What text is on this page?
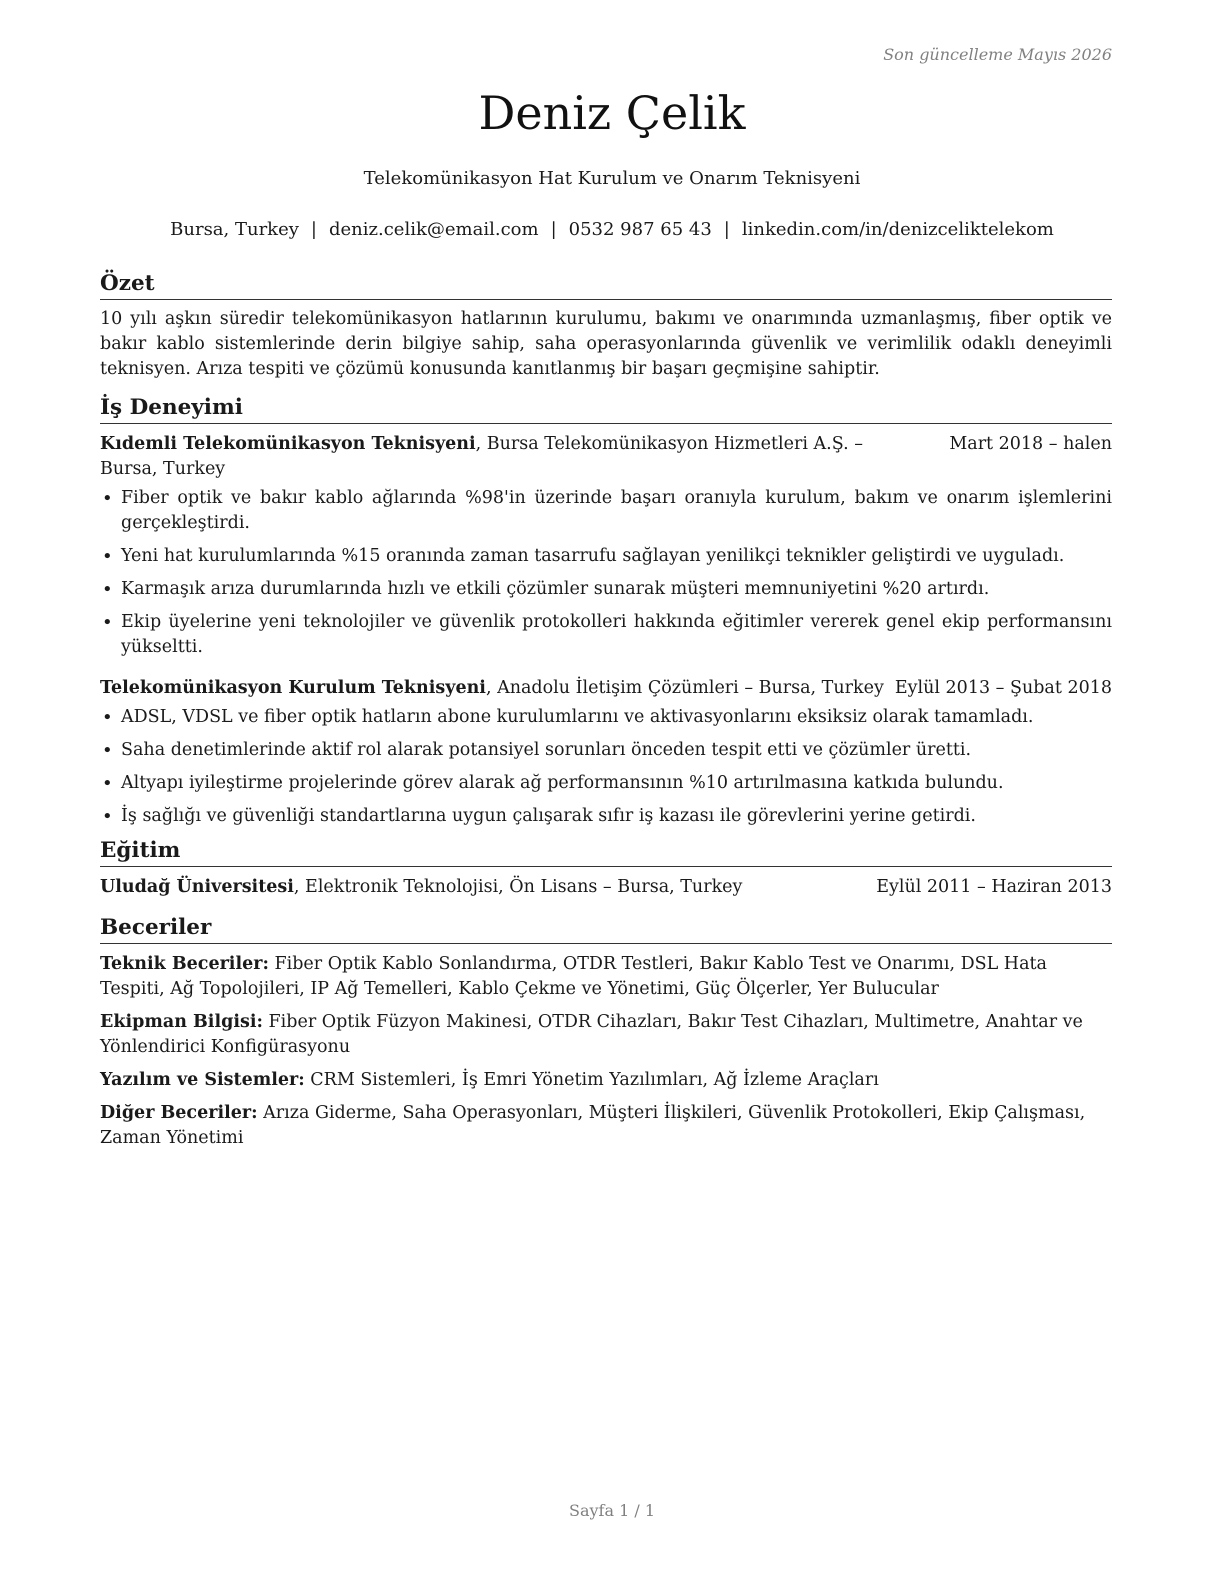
Son güncelleme Mayıs 2026
Deniz Çelik
Telekomünikasyon Hat Kurulum ve Onarım Teknisyeni
Bursa, Turkey | deniz.celik@email.com | 0532 987 65 43 | linkedin.com/in/denizceliktelekom
Özet

10 yılı aşkın süredir telekomünikasyon hatlarının kurulumu, bakımı ve onarımında uzmanlaşmış, fiber optik ve bakır kablo sistemlerinde derin bilgiye sahip, saha operasyonlarında güvenlik ve verimlilik odaklı deneyimli teknisyen. Arıza tespiti ve çözümü konusunda kanıtlanmış bir başarı geçmişine sahiptir.

İş Deneyimi
Kıdemli Telekomünikasyon Teknisyeni, Bursa Telekomünikasyon Hizmetleri A.Ş. – Bursa, Turkey
Mart 2018 – halen
• Fiber optik ve bakır kablo ağlarında %98'in üzerinde başarı oranıyla kurulum, bakım ve onarım işlemlerini gerçekleştirdi.
• Yeni hat kurulumlarında %15 oranında zaman tasarrufu sağlayan yenilikçi teknikler geliştirdi ve uyguladı.
• Karmaşık arıza durumlarında hızlı ve etkili çözümler sunarak müşteri memnuniyetini %20 artırdı.
• Ekip üyelerine yeni teknolojiler ve güvenlik protokolleri hakkında eğitimler vererek genel ekip performansını yükseltti.
Telekomünikasyon Kurulum Teknisyeni, Anadolu İletişim Çözümleri – Bursa, Turkey Eylül 2013 – Şubat 2018
• ADSL, VDSL ve fiber optik hatların abone kurulumlarını ve aktivasyonlarını eksiksiz olarak tamamladı.
• Saha denetimlerinde aktif rol alarak potansiyel sorunları önceden tespit etti ve çözümler üretti.
• Altyapı iyileştirme projelerinde görev alarak ağ performansının %10 artırılmasına katkıda bulundu.
• İş sağlığı ve güvenliği standartlarına uygun çalışarak sıfır iş kazası ile görevlerini yerine getirdi.
Eğitim
Uludağ Üniversitesi, Elektronik Teknolojisi, Ön Lisans – Bursa, Turkey	Eylül 2011 – Haziran 2013
Beceriler

Teknik Beceriler: Fiber Optik Kablo Sonlandırma, OTDR Testleri, Bakır Kablo Test ve Onarımı, DSL Hata Tespiti, Ağ Topolojileri, IP Ağ Temelleri, Kablo Çekme ve Yönetimi, Güç Ölçerler, Yer Bulucular

Ekipman Bilgisi: Fiber Optik Füzyon Makinesi, OTDR Cihazları, Bakır Test Cihazları, Multimetre, Anahtar ve Yönlendirici Konfigürasyonu

Yazılım ve Sistemler: CRM Sistemleri, İş Emri Yönetim Yazılımları, Ağ İzleme Araçları

Diğer Beceriler: Arıza Giderme, Saha Operasyonları, Müşteri İlişkileri, Güvenlik Protokolleri, Ekip Çalışması, Zaman Yönetimi

Sayfa 1 / 1
